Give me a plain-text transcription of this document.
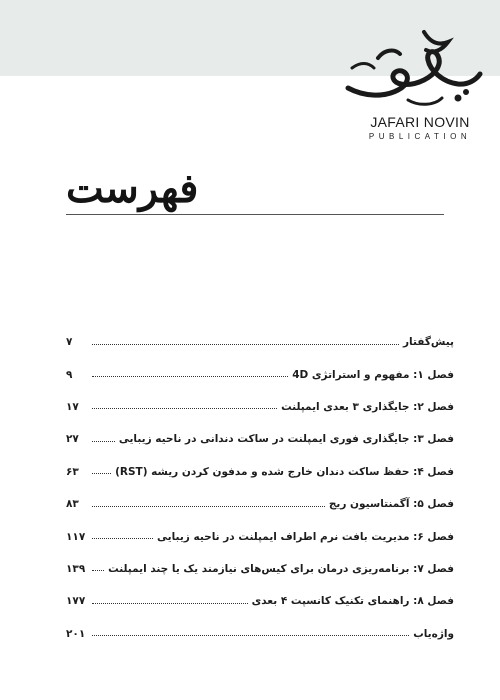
JAFARI NOVIN
PUBLICATION
فهرست
پیش‌گفتار
۷
فصل ۱: مفهوم و استراتژی 4D
۹
فصل ۲: جایگذاری ۳ بعدی ایمپلنت
۱۷
فصل ۳: جایگذاری فوری ایمپلنت در ساکت دندانی در ناحیه زیبایی
۲۷
فصل ۴: حفظ ساکت دندان خارج شده و مدفون کردن ریشه (RST)
۶۳
فصل ۵: آگمنتاسیون ریج
۸۳
فصل ۶: مدیریت بافت نرم اطراف ایمپلنت در ناحیه زیبایی
۱۱۷
فصل ۷: برنامه‌ریزی درمان برای کیس‌های نیازمند یک یا چند ایمپلنت
۱۳۹
فصل ۸: راهنمای تکنیک کانسپت ۴ بعدی
۱۷۷
واژه‌یاب
۲۰۱
